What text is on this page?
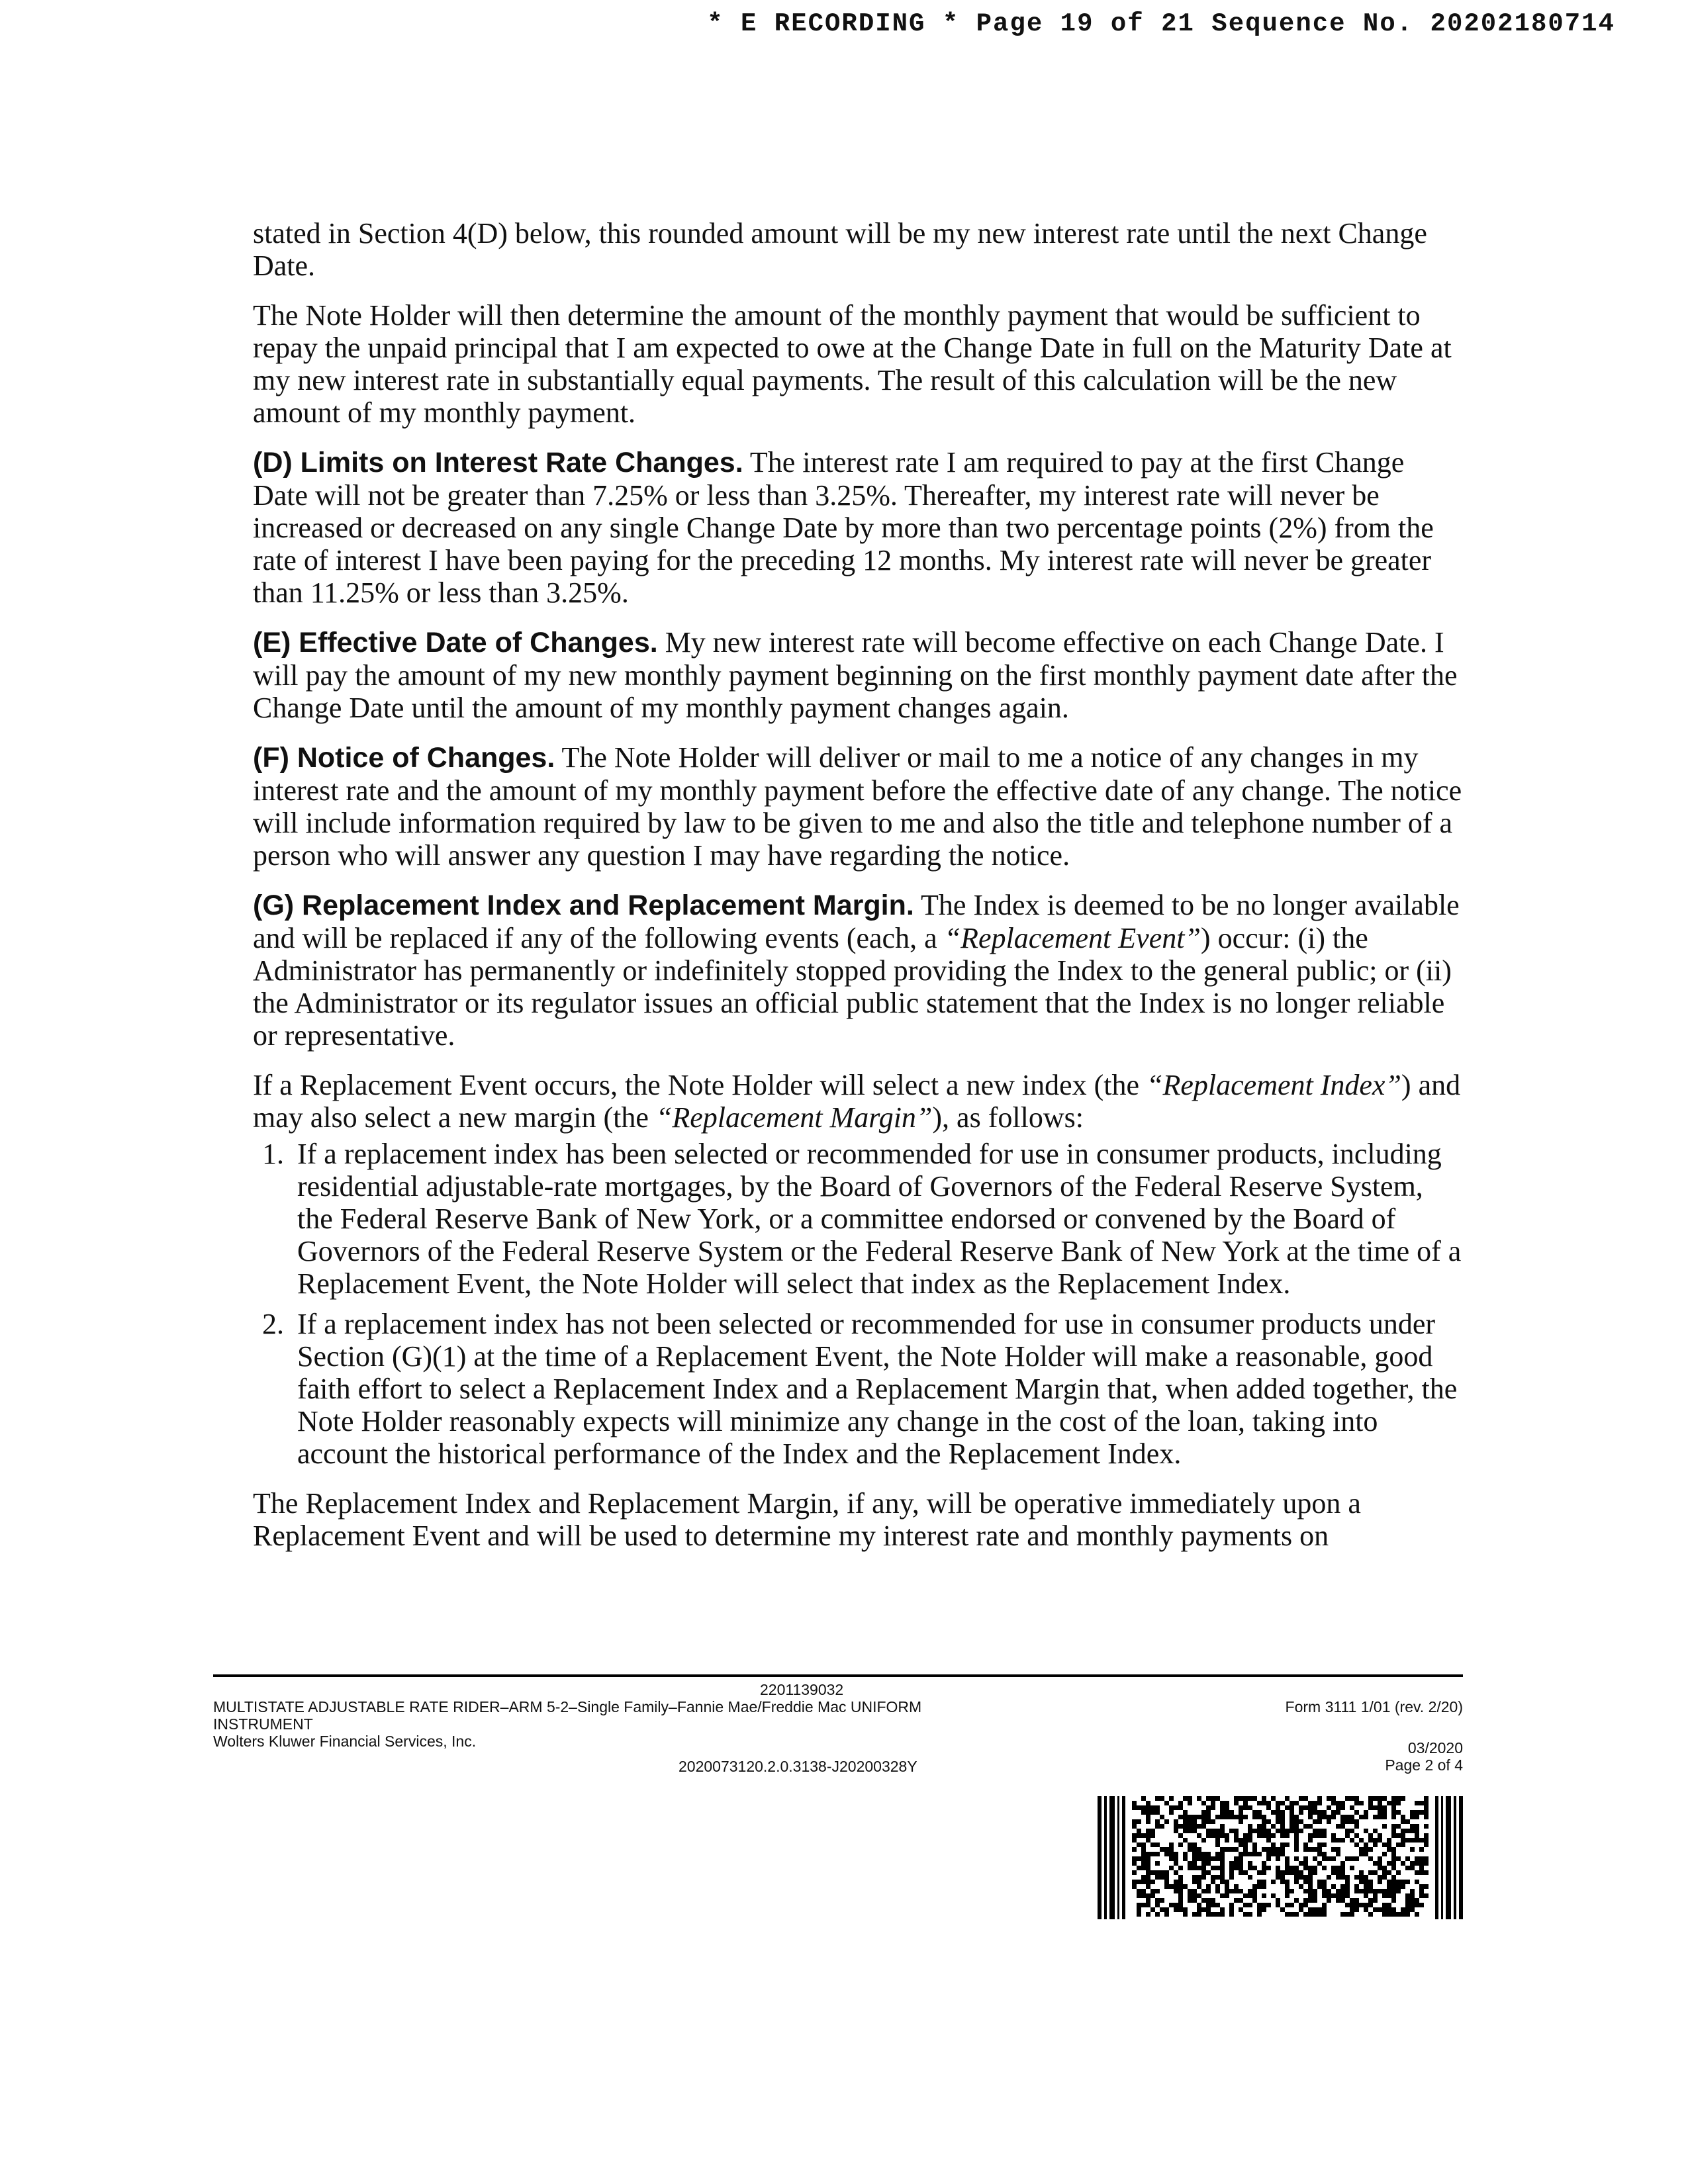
* E RECORDING * Page 19 of 21 Sequence No. 20202180714

stated in Section 4(D) below, this rounded amount will be my new interest rate until the next Change Date.

The Note Holder will then determine the amount of the monthly payment that would be sufficient to repay the unpaid principal that I am expected to owe at the Change Date in full on the Maturity Date at my new interest rate in substantially equal payments. The result of this calculation will be the new amount of my monthly payment.

(D) Limits on Interest Rate Changes. The interest rate I am required to pay at the first Change Date will not be greater than 7.25% or less than 3.25%. Thereafter, my interest rate will never be increased or decreased on any single Change Date by more than two percentage points (2%) from the rate of interest I have been paying for the preceding 12 months. My interest rate will never be greater than 11.25% or less than 3.25%.

(E) Effective Date of Changes. My new interest rate will become effective on each Change Date. I will pay the amount of my new monthly payment beginning on the first monthly payment date after the Change Date until the amount of my monthly payment changes again.

(F) Notice of Changes. The Note Holder will deliver or mail to me a notice of any changes in my interest rate and the amount of my monthly payment before the effective date of any change. The notice will include information required by law to be given to me and also the title and telephone number of a person who will answer any question I may have regarding the notice.

(G) Replacement Index and Replacement Margin. The Index is deemed to be no longer available and will be replaced if any of the following events (each, a “Replacement Event”) occur: (i) the Administrator has permanently or indefinitely stopped providing the Index to the general public; or (ii) the Administrator or its regulator issues an official public statement that the Index is no longer reliable or representative.

If a Replacement Event occurs, the Note Holder will select a new index (the “Replacement Index”) and may also select a new margin (the “Replacement Margin”), as follows:

1. If a replacement index has been selected or recommended for use in consumer products, including residential adjustable-rate mortgages, by the Board of Governors of the Federal Reserve System, the Federal Reserve Bank of New York, or a committee endorsed or convened by the Board of Governors of the Federal Reserve System or the Federal Reserve Bank of New York at the time of a Replacement Event, the Note Holder will select that index as the Replacement Index.
2. If a replacement index has not been selected or recommended for use in consumer products under Section (G)(1) at the time of a Replacement Event, the Note Holder will make a reasonable, good faith effort to select a Replacement Index and a Replacement Margin that, when added together, the Note Holder reasonably expects will minimize any change in the cost of the loan, taking into account the historical performance of the Index and the Replacement Index.

The Replacement Index and Replacement Margin, if any, will be operative immediately upon a Replacement Event and will be used to determine my interest rate and monthly payments on

2201139032
MULTISTATE ADJUSTABLE RATE RIDER–ARM 5-2–Single Family–Fannie Mae/Freddie Mac UNIFORM
INSTRUMENT
Wolters Kluwer Financial Services, Inc.
2020073120.2.0.3138-J20200328Y
Form 3111 1/01 (rev. 2/20)
03/2020
Page 2 of 4
